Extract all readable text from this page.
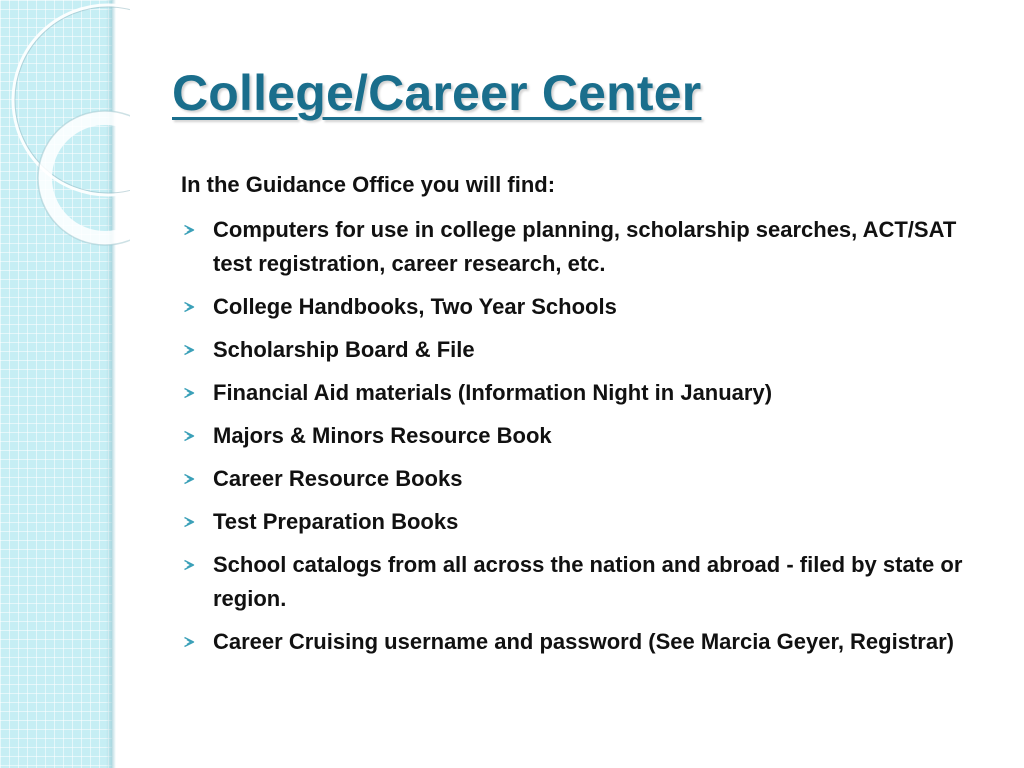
College/Career Center

In the Guidance Office you will find:

Computers for use in college planning, scholarship searches, ACT/SAT test registration, career research, etc.
College Handbooks, Two Year Schools
Scholarship Board & File
Financial Aid materials (Information Night in January)
Majors & Minors Resource Book
Career Resource Books
Test Preparation Books
School catalogs from all across the nation and abroad - filed by state or region.
Career Cruising username and password (See Marcia Geyer, Registrar)
